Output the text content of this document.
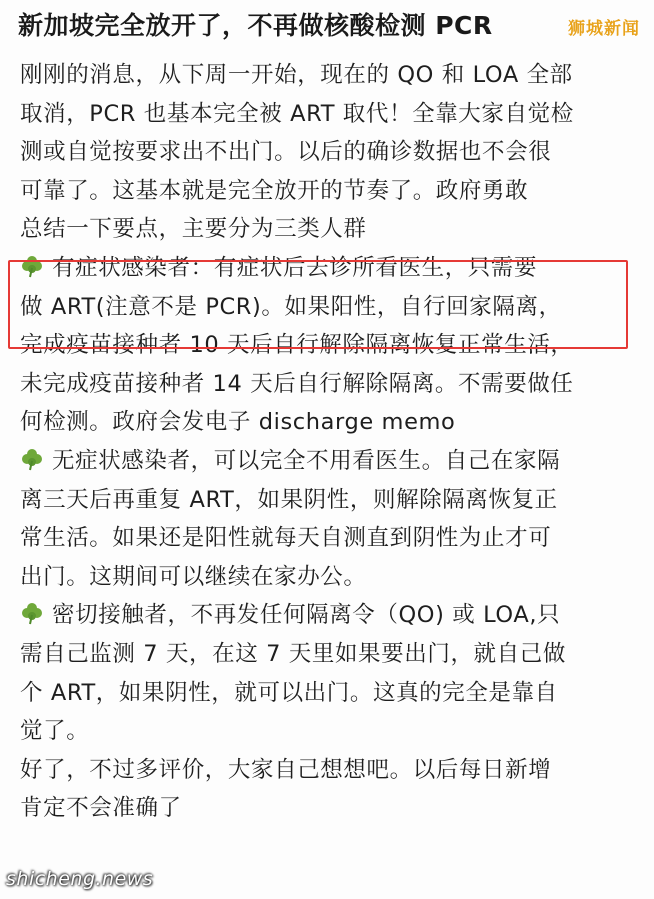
新加坡完全放开了，不再做核酸检测 PCR	狮城新闻
刚刚的消息，从下周一开始，现在的 QO 和 LOA 全部
取消，PCR 也基本完全被 ART 取代！全靠大家自觉检
测或自觉按要求出不出门。以后的确诊数据也不会很
可靠了。这基本就是完全放开的节奏了。政府勇敢
总结一下要点，主要分为三类人群
有症状感染者：有症状后去诊所看医生，只需要
做 ART(注意不是 PCR)。如果阳性，自行回家隔离，
完成疫苗接种者 10 天后自行解除隔离恢复正常生活，
未完成疫苗接种者 14 天后自行解除隔离。不需要做任
何检测。政府会发电子 discharge memo
无症状感染者，可以完全不用看医生。自己在家隔
离三天后再重复 ART，如果阴性，则解除隔离恢复正
常生活。如果还是阳性就每天自测直到阴性为止才可
出门。这期间可以继续在家办公。
密切接触者，不再发任何隔离令（QO) 或 LOA,只
需自己监测 7 天，在这 7 天里如果要出门，就自己做
个 ART，如果阴性，就可以出门。这真的完全是靠自
觉了。
好了，不过多评价，大家自己想想吧。以后每日新增
肯定不会准确了
shicheng.news
